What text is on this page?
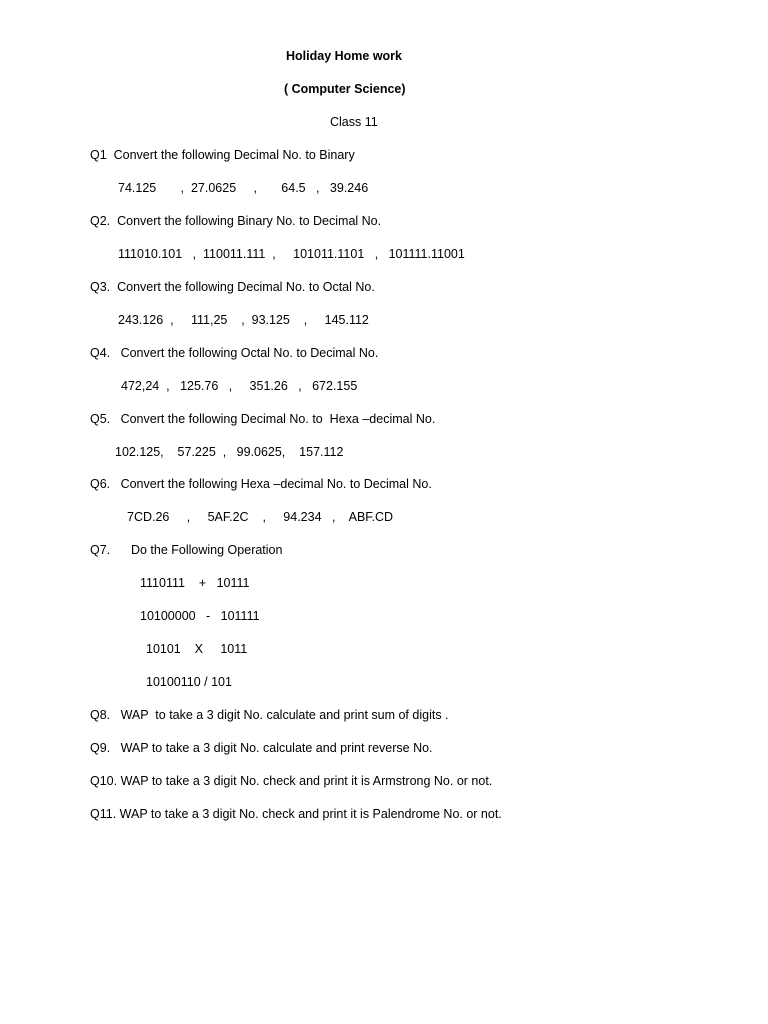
Holiday Home work
( Computer Science)
Class 11
Q1  Convert the following Decimal No. to Binary
74.125       ,  27.0625     ,       64.5   ,   39.246
Q2.  Convert the following Binary No. to Decimal No.
111010.101   ,  110011.111  ,     101011.1101   ,   101111.11001
Q3.  Convert the following Decimal No. to Octal No.
243.126  ,     111,25    ,  93.125    ,     145.112
Q4.   Convert the following Octal No. to Decimal No.
472,24  ,   125.76   ,     351.26   ,   672.155
Q5.   Convert the following Decimal No. to  Hexa –decimal No.
102.125,    57.225  ,   99.0625,    157.112
Q6.   Convert the following Hexa –decimal No. to Decimal No.
7CD.26     ,     5AF.2C    ,     94.234   ,    ABF.CD
Q7.      Do the Following Operation
1110111    +   10111
10100000   -   101111
10101    X     1011
10100110 / 101
Q8.   WAP  to take a 3 digit No. calculate and print sum of digits .
Q9.   WAP to take a 3 digit No. calculate and print reverse No.
Q10. WAP to take a 3 digit No. check and print it is Armstrong No. or not.
Q11. WAP to take a 3 digit No. check and print it is Palendrome No. or not.
